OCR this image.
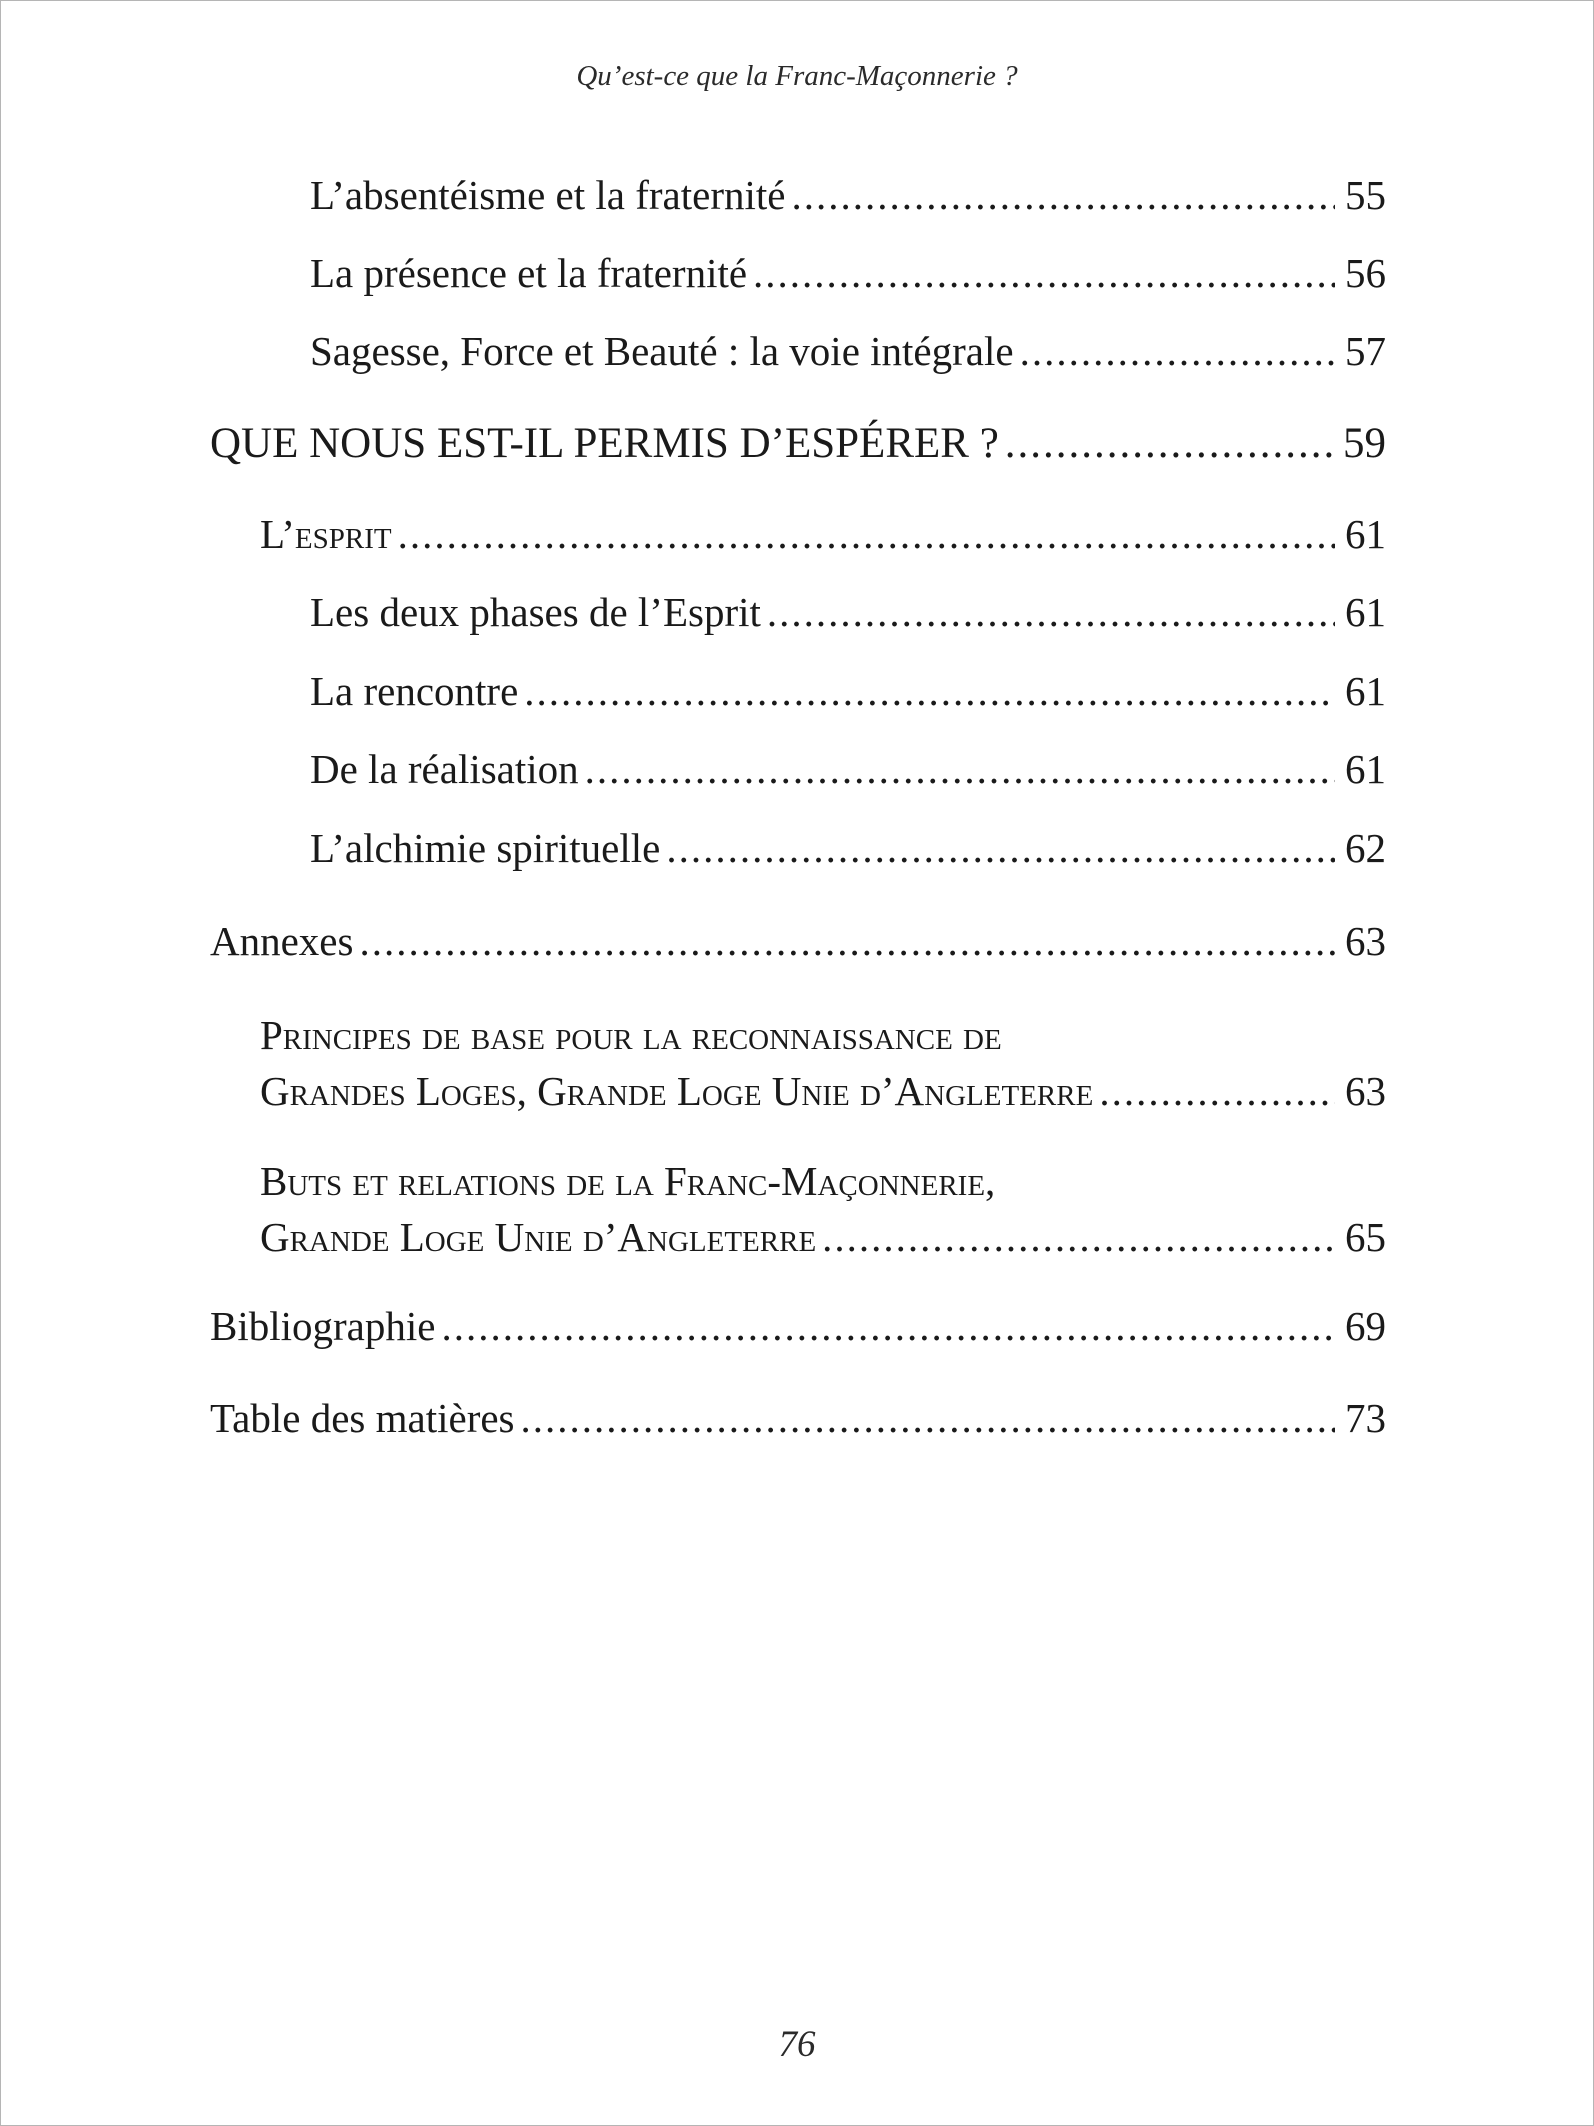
Qu’est-ce que la Franc-Maçonnerie ?
L’absentéisme et la fraternité .....	55
La présence et la fraternité .....	56
Sagesse, Force et Beauté : la voie intégrale .....	57
QUE NOUS EST-IL PERMIS D’ESPÉRER ? .....	59
L’esprit .....	61
Les deux phases de l’Esprit .....	61
La rencontre .....	61
De la réalisation .....	61
L’alchimie spirituelle .....	62
Annexes .....	63
Principes de base pour la reconnaissance de
Grandes Loges, Grande Loge Unie d’Angleterre .....	63
Buts et relations de la Franc-Maçonnerie,
Grande Loge Unie d’Angleterre .....	65
Bibliographie .....	69
Table des matières .....	73
76
